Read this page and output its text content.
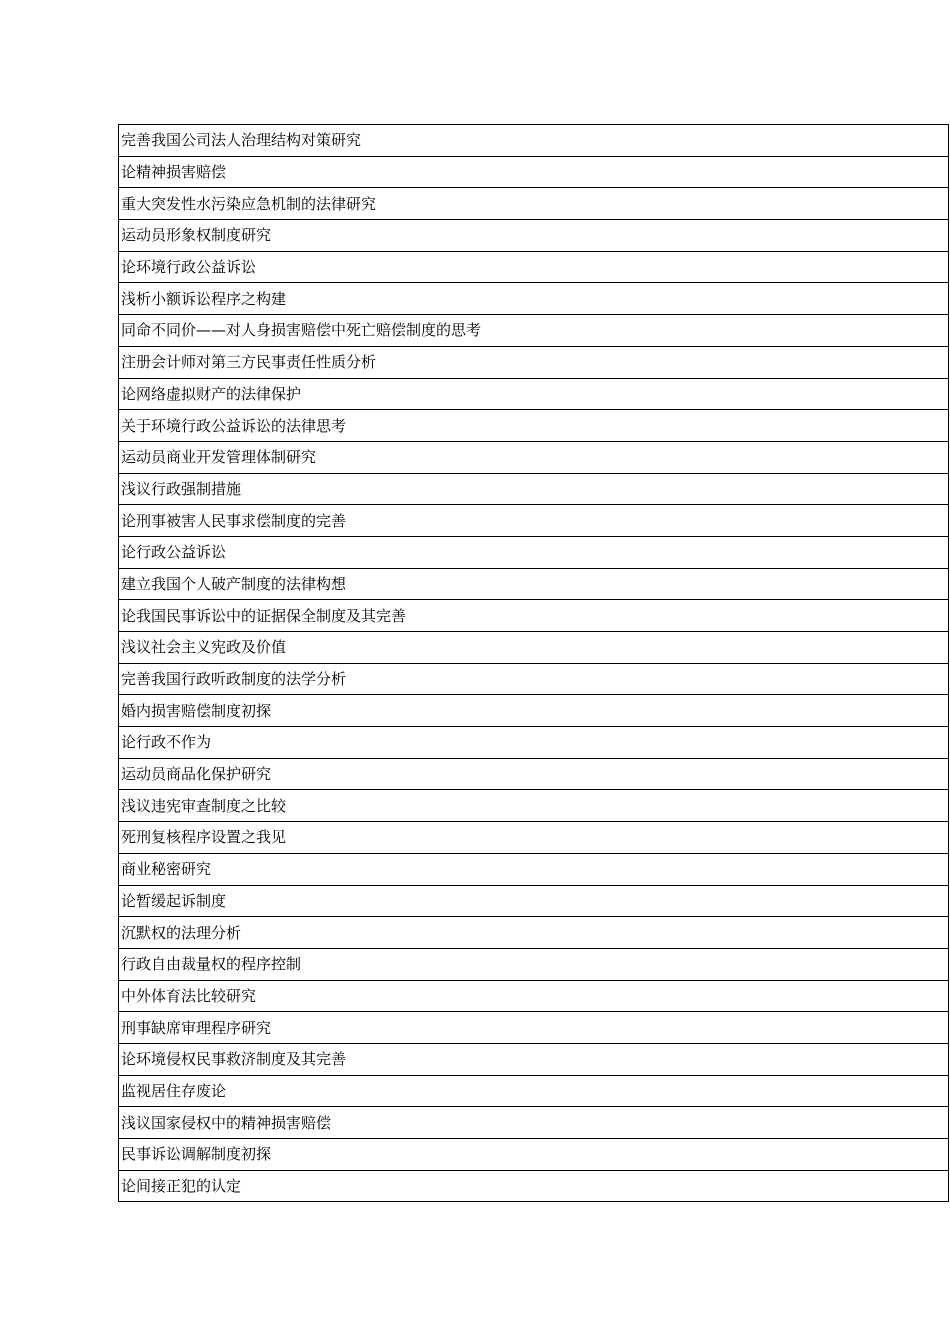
完善我国公司法人治理结构对策研究
论精神损害赔偿
重大突发性水污染应急机制的法律研究
运动员形象权制度研究
论环境行政公益诉讼
浅析小额诉讼程序之构建
同命不同价——对人身损害赔偿中死亡赔偿制度的思考
注册会计师对第三方民事责任性质分析
论网络虚拟财产的法律保护
关于环境行政公益诉讼的法律思考
运动员商业开发管理体制研究
浅议行政强制措施
论刑事被害人民事求偿制度的完善
论行政公益诉讼
建立我国个人破产制度的法律构想
论我国民事诉讼中的证据保全制度及其完善
浅议社会主义宪政及价值
完善我国行政听政制度的法学分析
婚内损害赔偿制度初探
论行政不作为
运动员商品化保护研究
浅议违宪审查制度之比较
死刑复核程序设置之我见
商业秘密研究
论暂缓起诉制度
沉默权的法理分析
行政自由裁量权的程序控制
中外体育法比较研究
刑事缺席审理程序研究
论环境侵权民事救济制度及其完善
监视居住存废论
浅议国家侵权中的精神损害赔偿
民事诉讼调解制度初探
论间接正犯的认定
